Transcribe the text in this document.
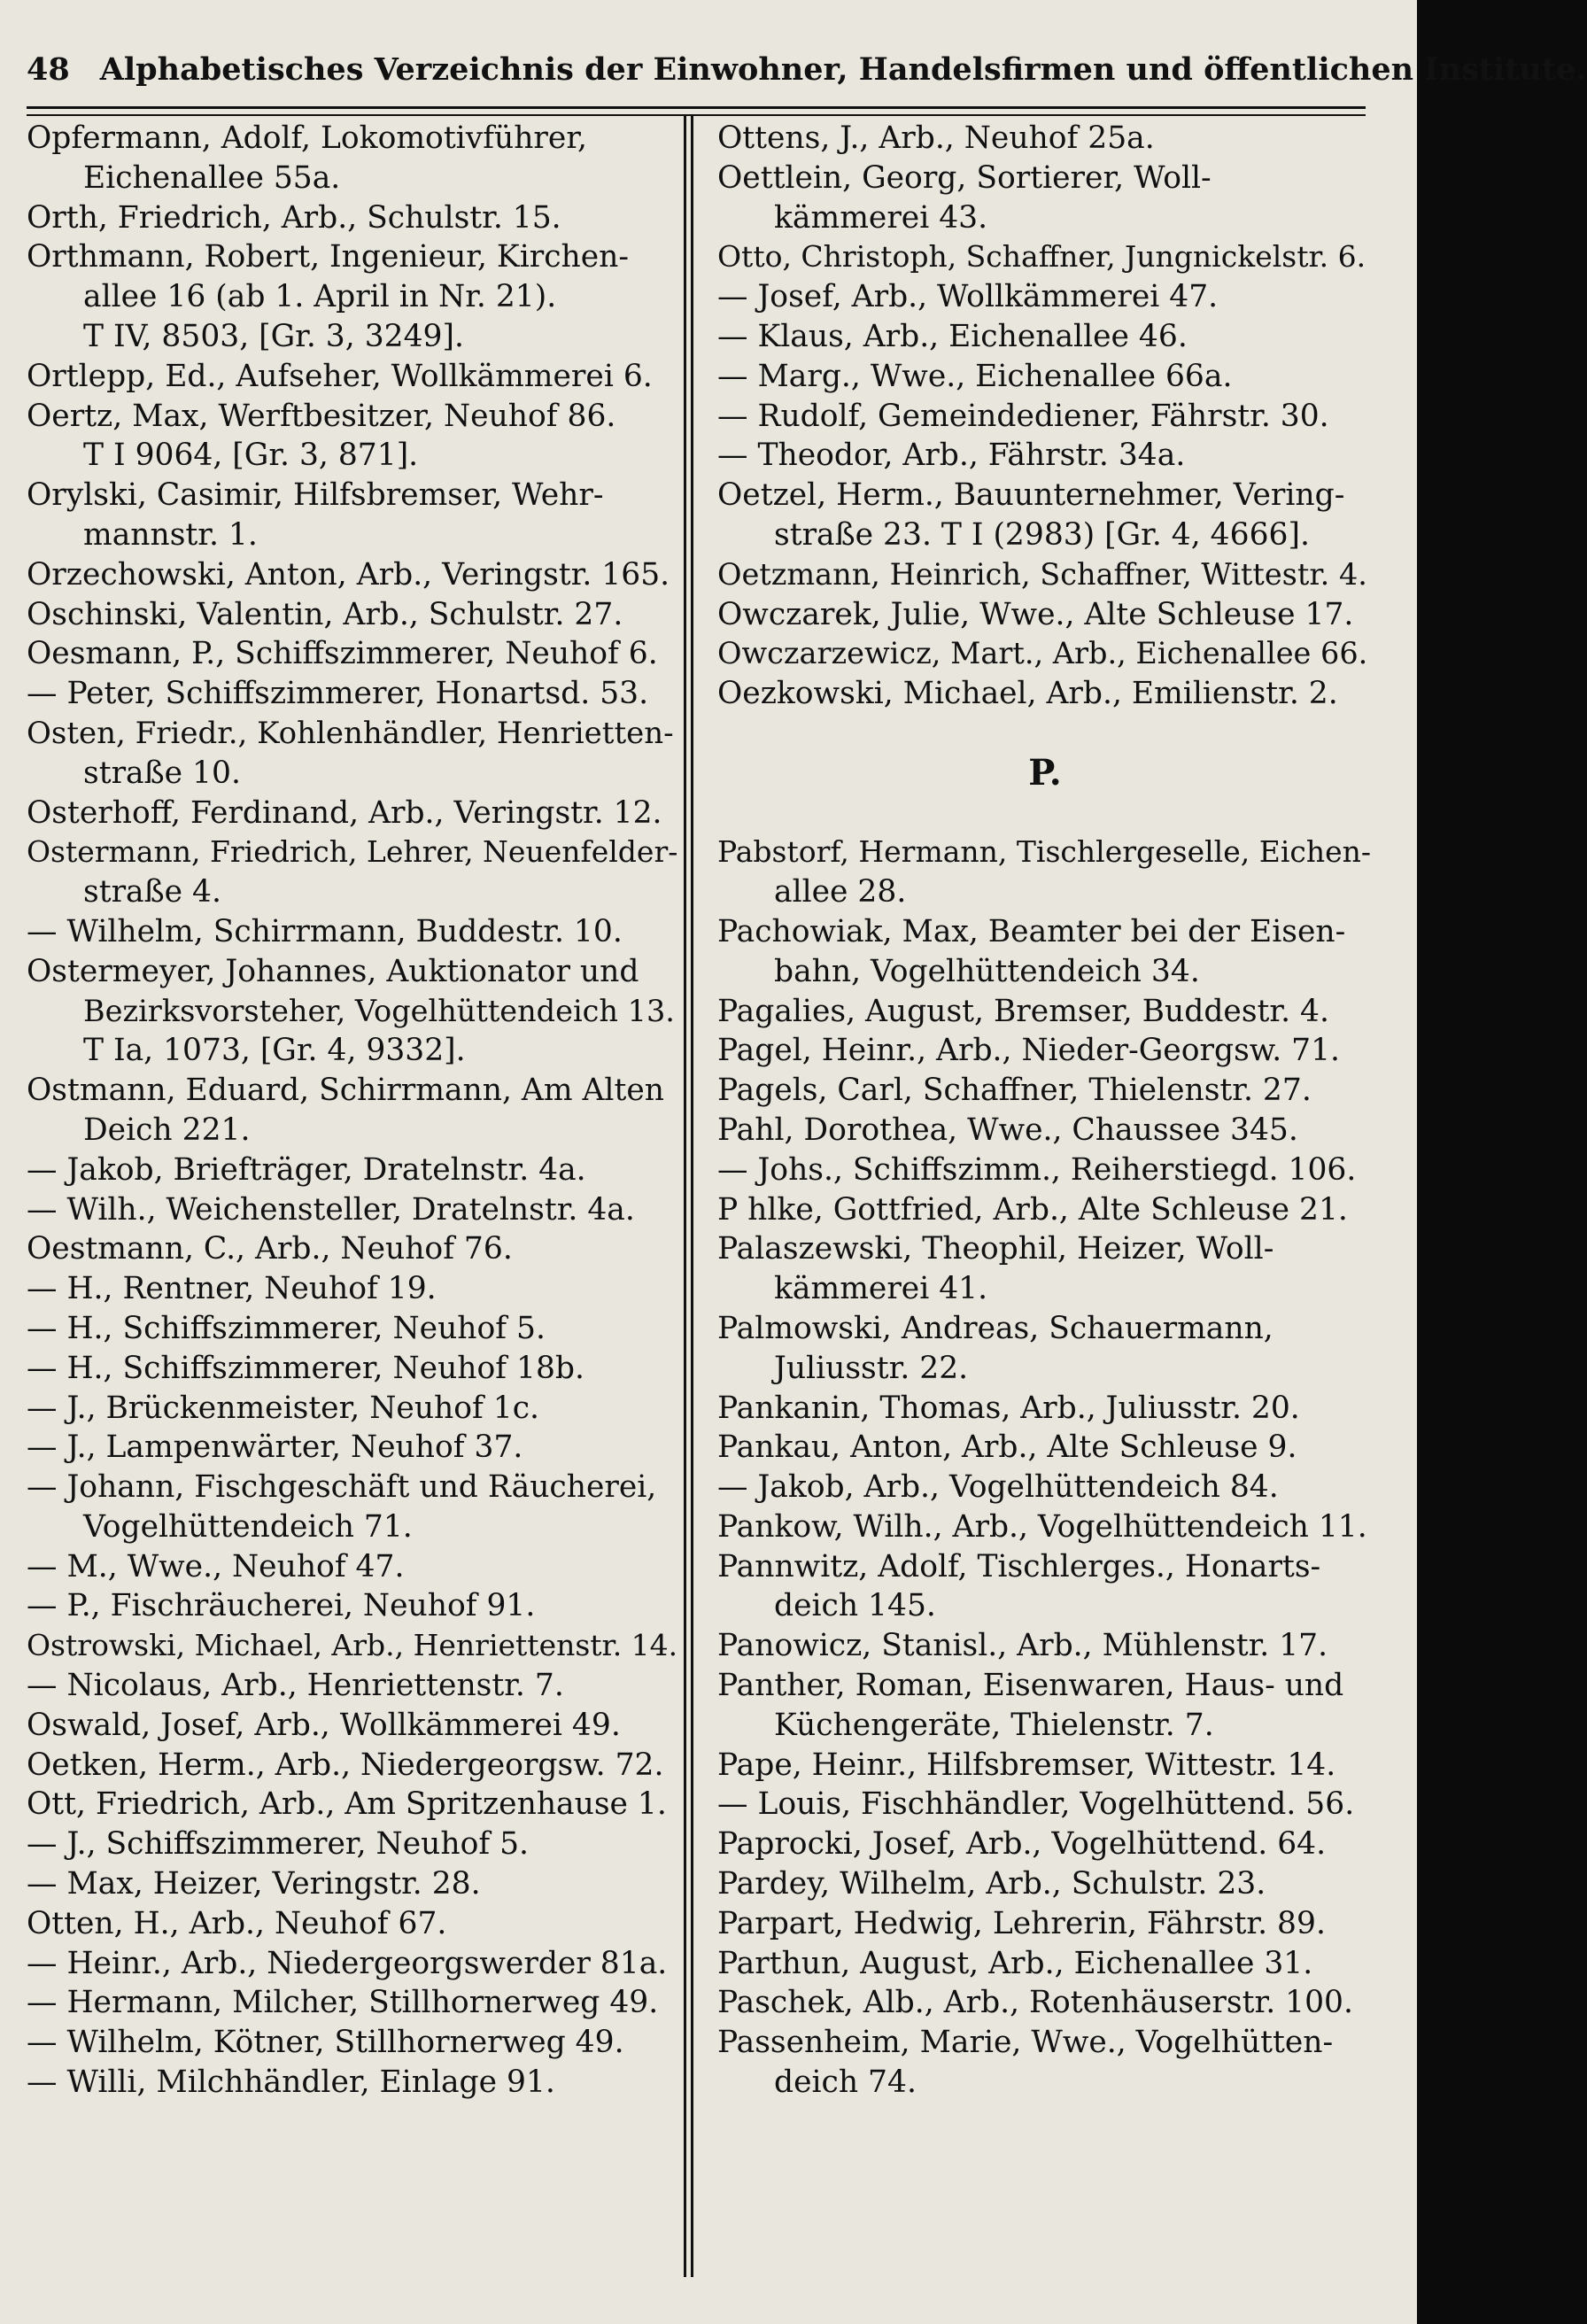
48 Alphabetisches Verzeichnis der Einwohner, Handelsfirmen und öffentlichen Institute.
Opfermann, Adolf, Lokomotivführer,
Eichenallee 55a.
Orth, Friedrich, Arb., Schulstr. 15.
Orthmann, Robert, Ingenieur, Kirchen-
allee 16 (ab 1. April in Nr. 21).
T IV, 8503, [Gr. 3, 3249].
Ortlepp, Ed., Aufseher, Wollkämmerei 6.
Oertz, Max, Werftbesitzer, Neuhof 86.
T I 9064, [Gr. 3, 871].
Orylski, Casimir, Hilfsbremser, Wehr-
mannstr. 1.
Orzechowski, Anton, Arb., Veringstr. 165.
Oschinski, Valentin, Arb., Schulstr. 27.
Oesmann, P., Schiffszimmerer, Neuhof 6.
— Peter, Schiffszimmerer, Honartsd. 53.
Osten, Friedr., Kohlenhändler, Henrietten-
straße 10.
Osterhoff, Ferdinand, Arb., Veringstr. 12.
Ostermann, Friedrich, Lehrer, Neuenfelder-
straße 4.
— Wilhelm, Schirrmann, Buddestr. 10.
Ostermeyer, Johannes, Auktionator und
Bezirksvorsteher, Vogelhüttendeich 13.
T Ia, 1073, [Gr. 4, 9332].
Ostmann, Eduard, Schirrmann, Am Alten
Deich 221.
— Jakob, Briefträger, Dratelnstr. 4a.
— Wilh., Weichensteller, Dratelnstr. 4a.
Oestmann, C., Arb., Neuhof 76.
— H., Rentner, Neuhof 19.
— H., Schiffszimmerer, Neuhof 5.
— H., Schiffszimmerer, Neuhof 18b.
— J., Brückenmeister, Neuhof 1c.
— J., Lampenwärter, Neuhof 37.
— Johann, Fischgeschäft und Räucherei,
Vogelhüttendeich 71.
— M., Wwe., Neuhof 47.
— P., Fischräucherei, Neuhof 91.
Ostrowski, Michael, Arb., Henriettenstr. 14.
— Nicolaus, Arb., Henriettenstr. 7.
Oswald, Josef, Arb., Wollkämmerei 49.
Oetken, Herm., Arb., Niedergeorgsw. 72.
Ott, Friedrich, Arb., Am Spritzenhause 1.
— J., Schiffszimmerer, Neuhof 5.
— Max, Heizer, Veringstr. 28.
Otten, H., Arb., Neuhof 67.
— Heinr., Arb., Niedergeorgswerder 81a.
— Hermann, Milcher, Stillhornerweg 49.
— Wilhelm, Kötner, Stillhornerweg 49.
— Willi, Milchhändler, Einlage 91.
Ottens, J., Arb., Neuhof 25a.
Oettlein, Georg, Sortierer, Woll-
kämmerei 43.
Otto, Christoph, Schaffner, Jungnickelstr. 6.
— Josef, Arb., Wollkämmerei 47.
— Klaus, Arb., Eichenallee 46.
— Marg., Wwe., Eichenallee 66a.
— Rudolf, Gemeindediener, Fährstr. 30.
— Theodor, Arb., Fährstr. 34a.
Oetzel, Herm., Bauunternehmer, Vering-
straße 23. T I (2983) [Gr. 4, 4666].
Oetzmann, Heinrich, Schaffner, Wittestr. 4.
Owczarek, Julie, Wwe., Alte Schleuse 17.
Owczarzewicz, Mart., Arb., Eichenallee 66.
Oezkowski, Michael, Arb., Emilienstr. 2.
P.
Pabstorf, Hermann, Tischlergeselle, Eichen-
allee 28.
Pachowiak, Max, Beamter bei der Eisen-
bahn, Vogelhüttendeich 34.
Pagalies, August, Bremser, Buddestr. 4.
Pagel, Heinr., Arb., Nieder-Georgsw. 71.
Pagels, Carl, Schaffner, Thielenstr. 27.
Pahl, Dorothea, Wwe., Chaussee 345.
— Johs., Schiffszimm., Reiherstiegd. 106.
P hlke, Gottfried, Arb., Alte Schleuse 21.
Palaszewski, Theophil, Heizer, Woll-
kämmerei 41.
Palmowski, Andreas, Schauermann,
Juliusstr. 22.
Pankanin, Thomas, Arb., Juliusstr. 20.
Pankau, Anton, Arb., Alte Schleuse 9.
— Jakob, Arb., Vogelhüttendeich 84.
Pankow, Wilh., Arb., Vogelhüttendeich 11.
Pannwitz, Adolf, Tischlerges., Honarts-
deich 145.
Panowicz, Stanisl., Arb., Mühlenstr. 17.
Panther, Roman, Eisenwaren, Haus- und
Küchengeräte, Thielenstr. 7.
Pape, Heinr., Hilfsbremser, Wittestr. 14.
— Louis, Fischhändler, Vogelhüttend. 56.
Paprocki, Josef, Arb., Vogelhüttend. 64.
Pardey, Wilhelm, Arb., Schulstr. 23.
Parpart, Hedwig, Lehrerin, Fährstr. 89.
Parthun, August, Arb., Eichenallee 31.
Paschek, Alb., Arb., Rotenhäuserstr. 100.
Passenheim, Marie, Wwe., Vogelhütten-
deich 74.
